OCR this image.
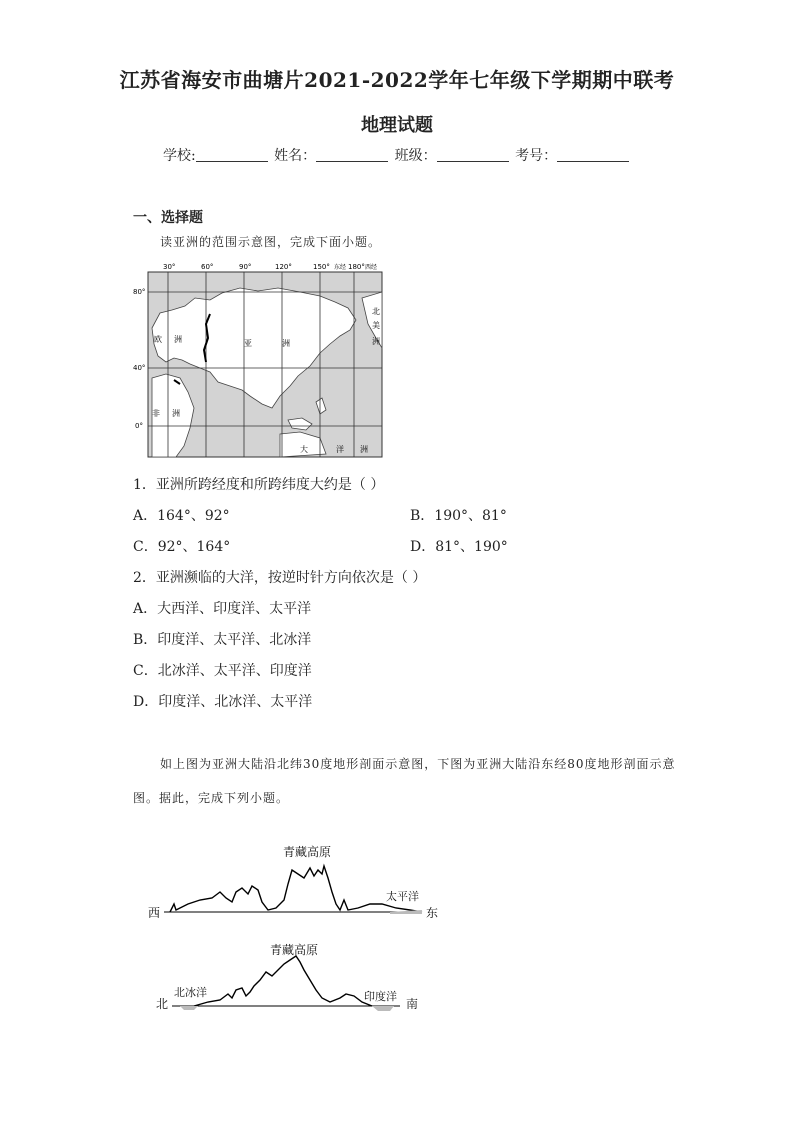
江苏省海安市曲塘片2021-2022学年七年级下学期期中联考
地理试题
学校:	姓名：	班级：	考号：
一、选择题
读亚洲的范围示意图，完成下面小题。
30°	60°	90°	120°	150° 东经 180° 西经
80°
40°
0°
欧 洲	亚	洲
非 洲
北
美
洲
大	洋 洲
1．亚洲所跨经度和所跨纬度大约是（ ）
A．164°、92°	B．190°、81°
C．92°、164°	D．81°、190°
2．亚洲濒临的大洋，按逆时针方向依次是（ ）
A．大西洋、印度洋、太平洋
B．印度洋、太平洋、北冰洋
C．北冰洋、太平洋、印度洋
D．印度洋、北冰洋、太平洋
如上图为亚洲大陆沿北纬30度地形剖面示意图，下图为亚洲大陆沿东经80度地形剖面示意图。据此，完成下列小题。
青藏高原
西	东
太平洋
青藏高原
北	南
北冰洋	印度洋
